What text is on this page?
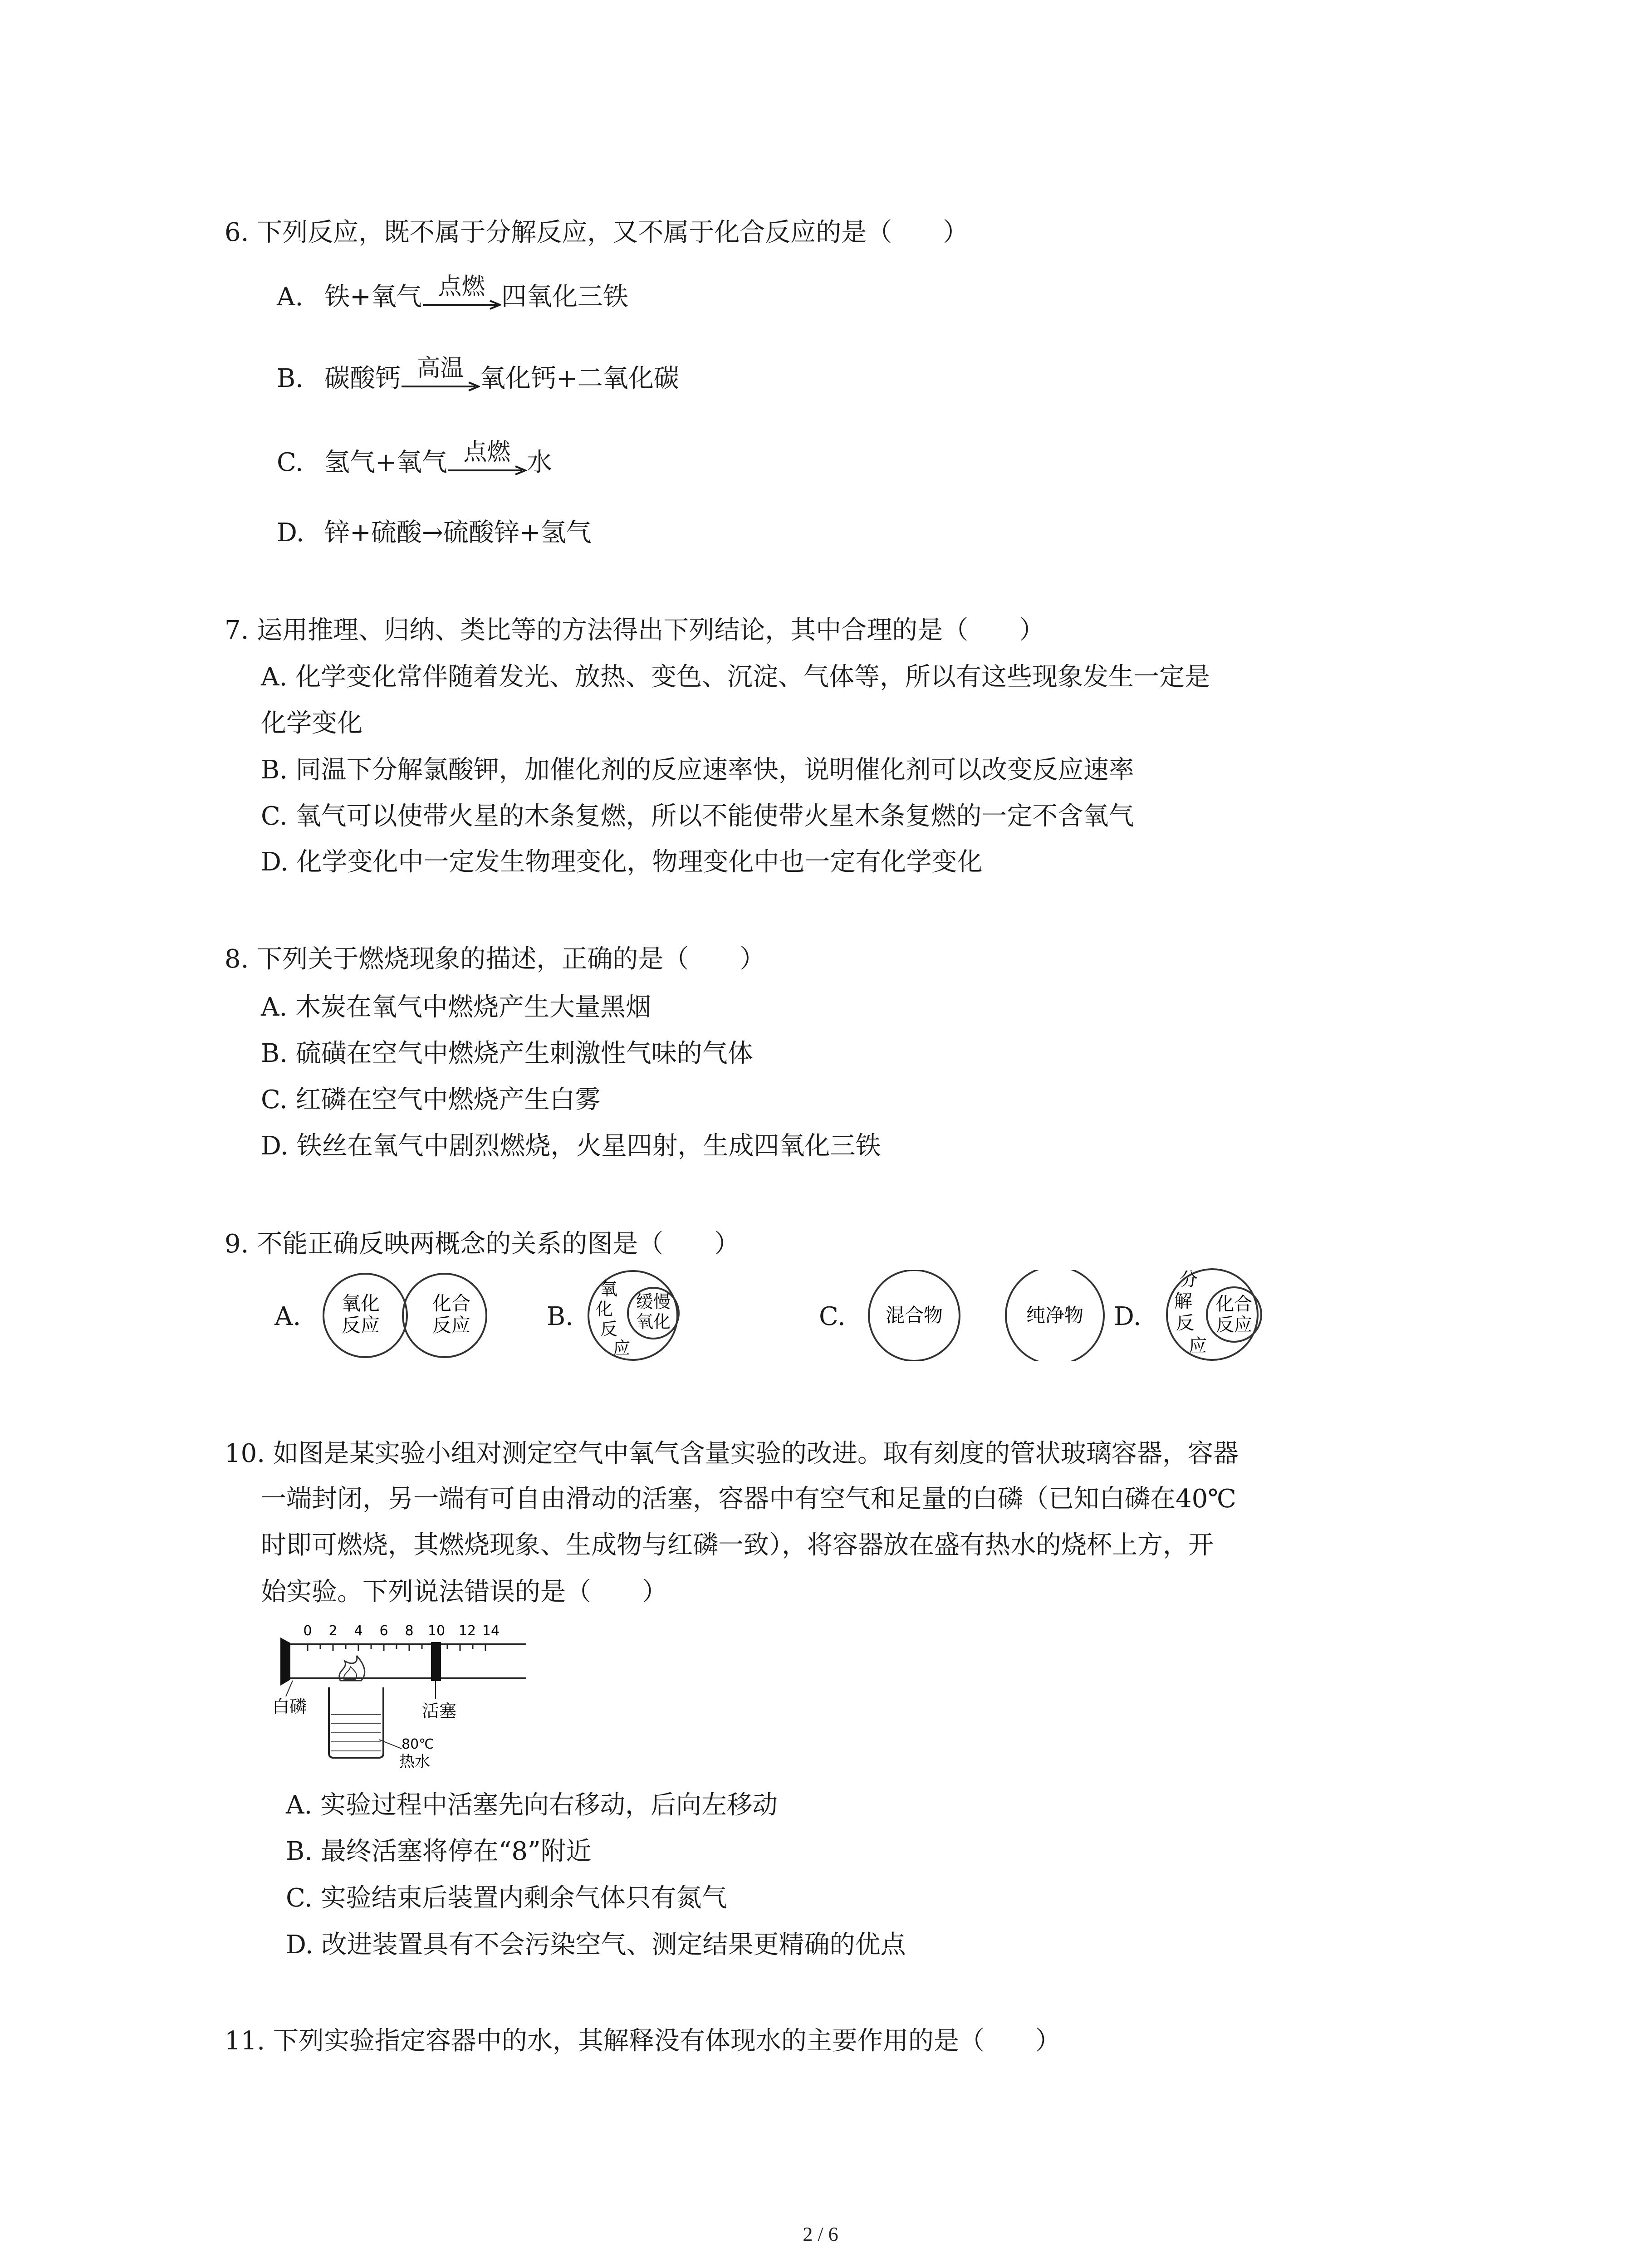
6. 下列反应，既不属于分解反应，又不属于化合反应的是（　　）
A. 铁+氧气 点燃 四氧化三铁
B. 碳酸钙 高温 氧化钙+二氧化碳
C. 氢气+氧气 点燃 水
D. 锌+硫酸→硫酸锌+氢气
7. 运用推理、归纳、类比等的方法得出下列结论，其中合理的是（　　）
A. 化学变化常伴随着发光、放热、变色、沉淀、气体等，所以有这些现象发生一定是
化学变化
B. 同温下分解氯酸钾，加催化剂的反应速率快，说明催化剂可以改变反应速率
C. 氧气可以使带火星的木条复燃，所以不能使带火星木条复燃的一定不含氧气
D. 化学变化中一定发生物理变化，物理变化中也一定有化学变化
8. 下列关于燃烧现象的描述，正确的是（　　）
A. 木炭在氧气中燃烧产生大量黑烟
B. 硫磺在空气中燃烧产生刺激性气味的气体
C. 红磷在空气中燃烧产生白雾
D. 铁丝在氧气中剧烈燃烧，火星四射，生成四氧化三铁
9. 不能正确反映两概念的关系的图是（　　）
A.	B.	C.	D.
氧化
反应
化合
反应
氧
化
反
应
缓慢
氧化	混合物	纯净物
分
解
反
应
化合
反应
10. 如图是某实验小组对测定空气中氧气含量实验的改进。取有刻度的管状玻璃容器，容器
一端封闭，另一端有可自由滑动的活塞，容器中有空气和足量的白磷（已知白磷在40℃
时即可燃烧，其燃烧现象、生成物与红磷一致），将容器放在盛有热水的烧杯上方，开
始实验。下列说法错误的是（　　）
0 2 4 6 8 10 12 14
白磷	活塞
80℃
热水
A. 实验过程中活塞先向右移动，后向左移动
B. 最终活塞将停在“8”附近
C. 实验结束后装置内剩余气体只有氮气
D. 改进装置具有不会污染空气、测定结果更精确的优点
11. 下列实验指定容器中的水，其解释没有体现水的主要作用的是（　　）
2 / 6
